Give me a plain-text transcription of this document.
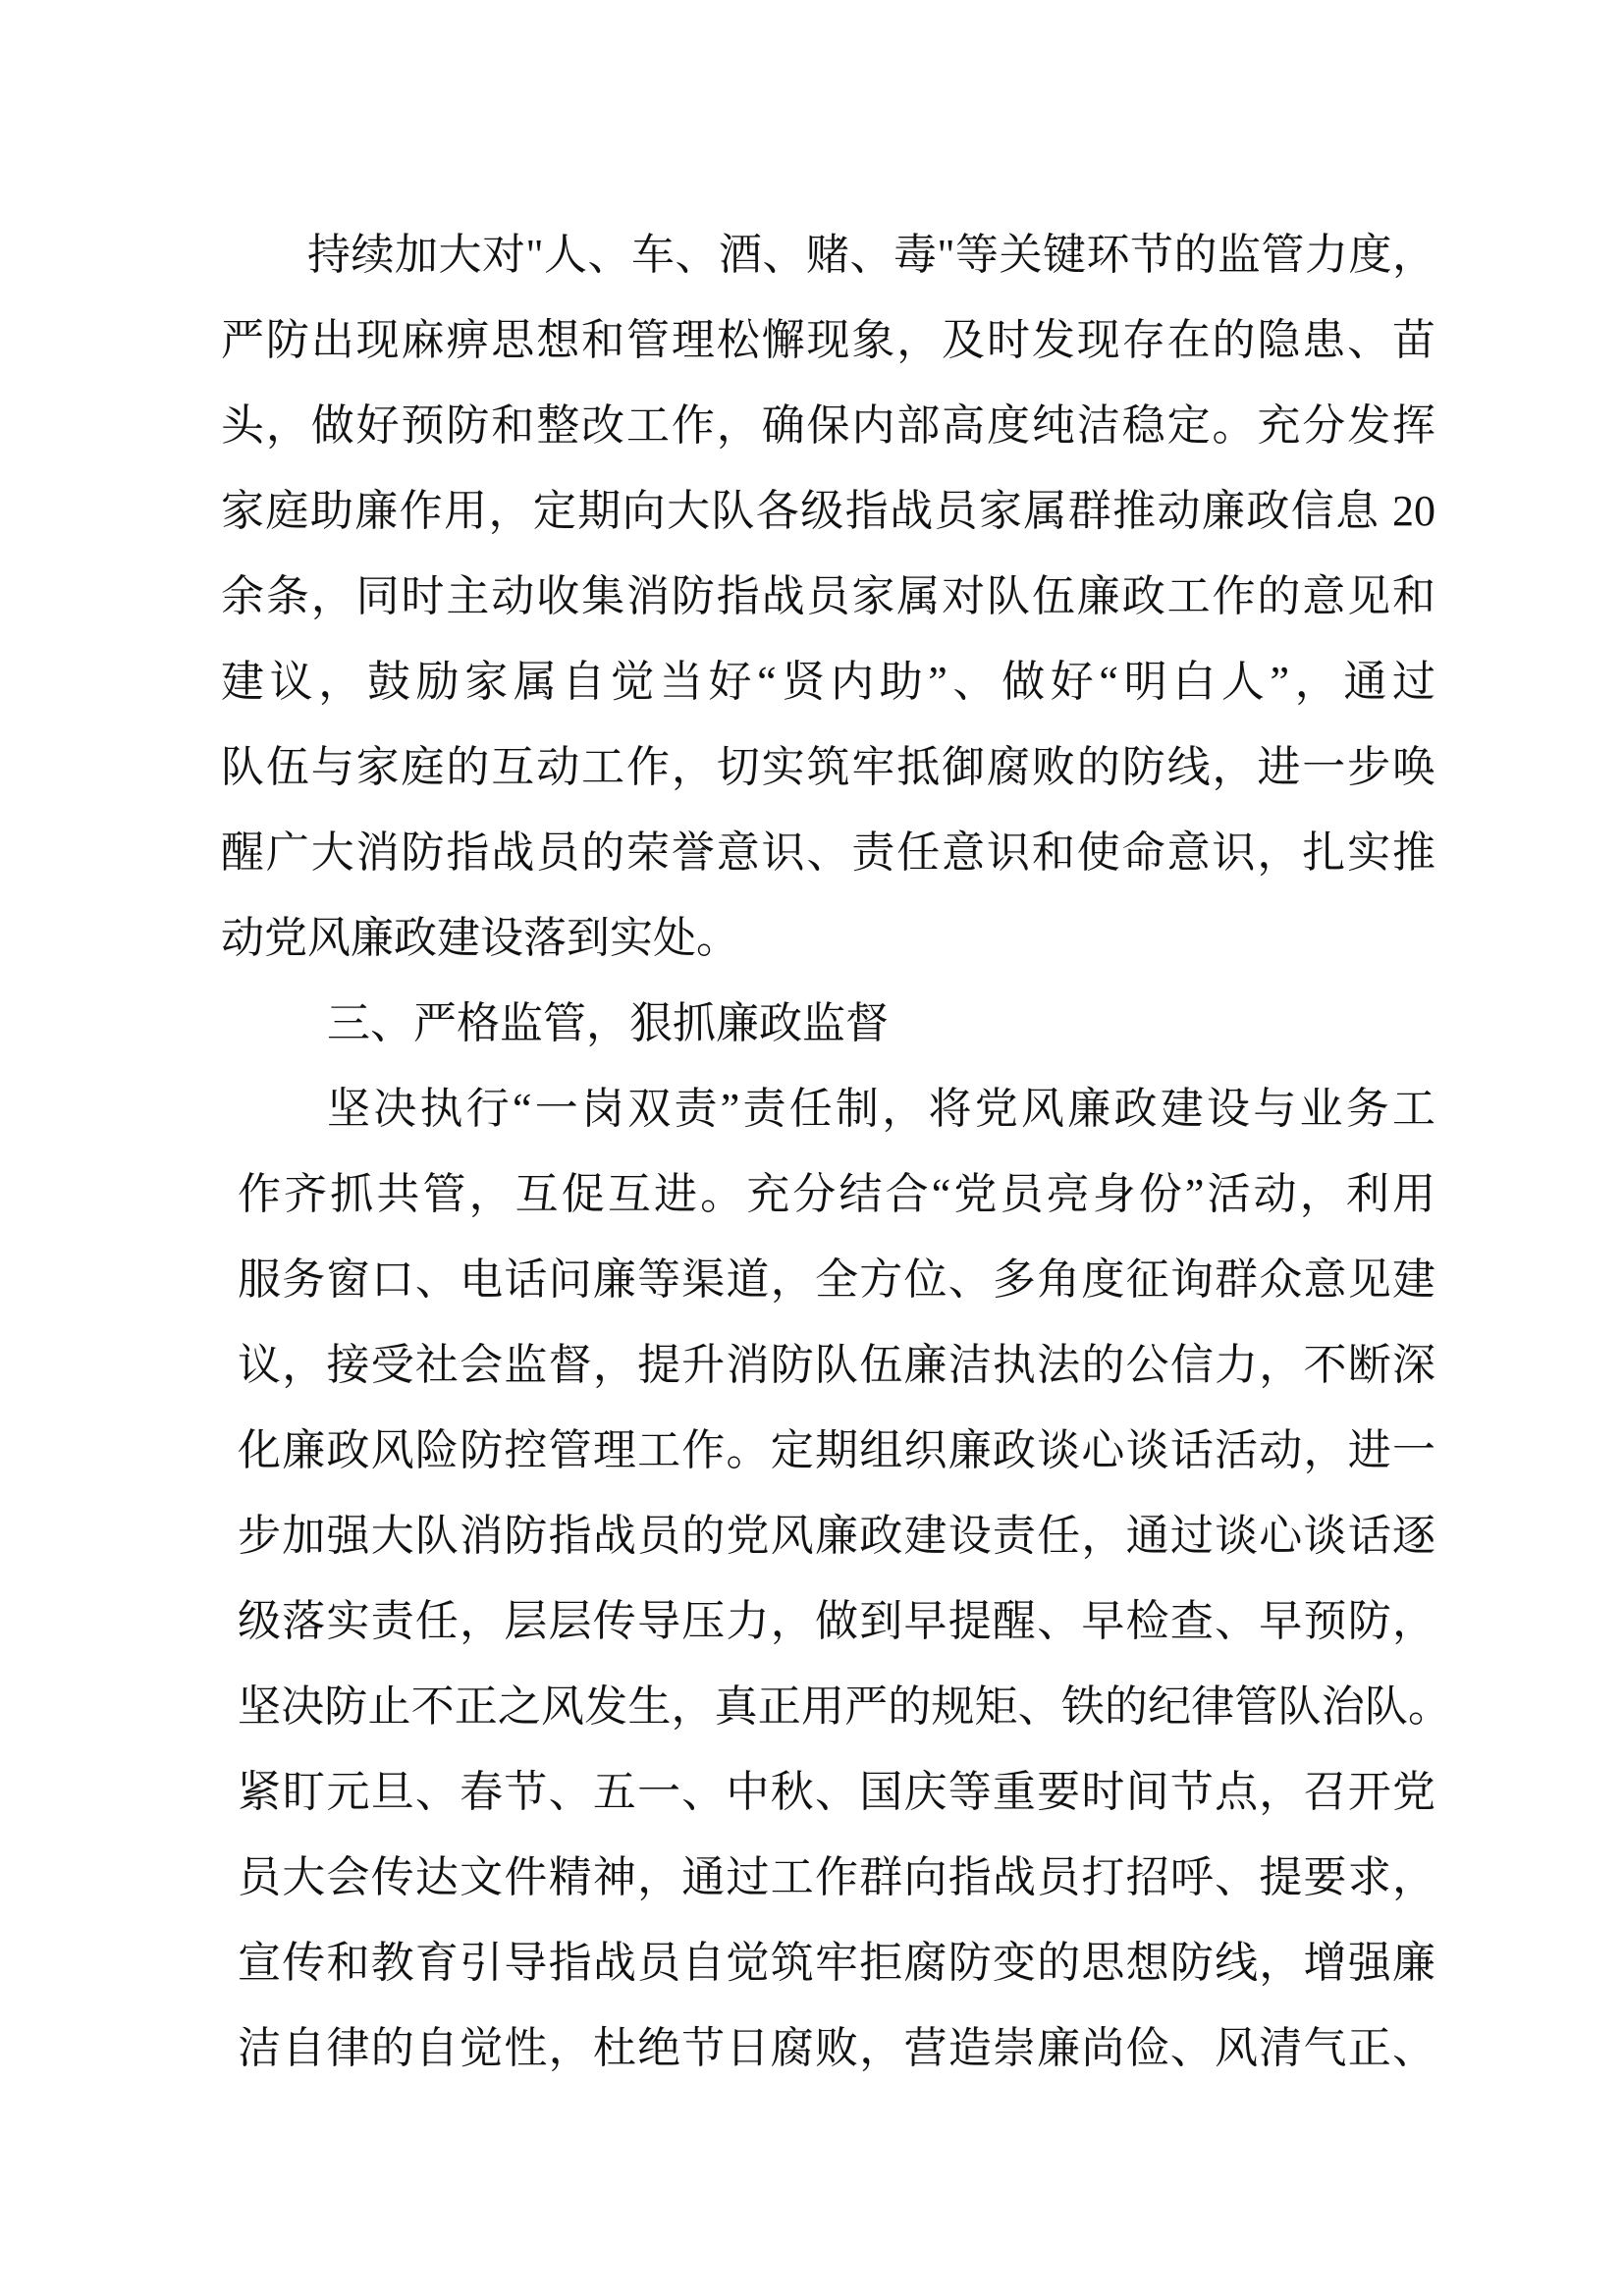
持续加大对"人、车、酒、赌、毒"等关键环节的监管力度，
严防出现麻痹思想和管理松懈现象，及时发现存在的隐患、苗
头，做好预防和整改工作，确保内部高度纯洁稳定。充分发挥
家庭助廉作用，定期向大队各级指战员家属群推动廉政信息 20
余条，同时主动收集消防指战员家属对队伍廉政工作的意见和
建议，鼓励家属自觉当好“贤内助”、做好“明白人”，通过
队伍与家庭的互动工作，切实筑牢抵御腐败的防线，进一步唤
醒广大消防指战员的荣誉意识、责任意识和使命意识，扎实推
动党风廉政建设落到实处。
三、严格监管，狠抓廉政监督
坚决执行“一岗双责”责任制，将党风廉政建设与业务工
作齐抓共管，互促互进。充分结合“党员亮身份”活动，利用
服务窗口、电话问廉等渠道，全方位、多角度征询群众意见建
议，接受社会监督，提升消防队伍廉洁执法的公信力，不断深
化廉政风险防控管理工作。定期组织廉政谈心谈话活动，进一
步加强大队消防指战员的党风廉政建设责任，通过谈心谈话逐
级落实责任，层层传导压力，做到早提醒、早检查、早预防，
坚决防止不正之风发生，真正用严的规矩、铁的纪律管队治队。
紧盯元旦、春节、五一、中秋、国庆等重要时间节点，召开党
员大会传达文件精神，通过工作群向指战员打招呼、提要求，
宣传和教育引导指战员自觉筑牢拒腐防变的思想防线，增强廉
洁自律的自觉性，杜绝节日腐败，营造崇廉尚俭、风清气正、
